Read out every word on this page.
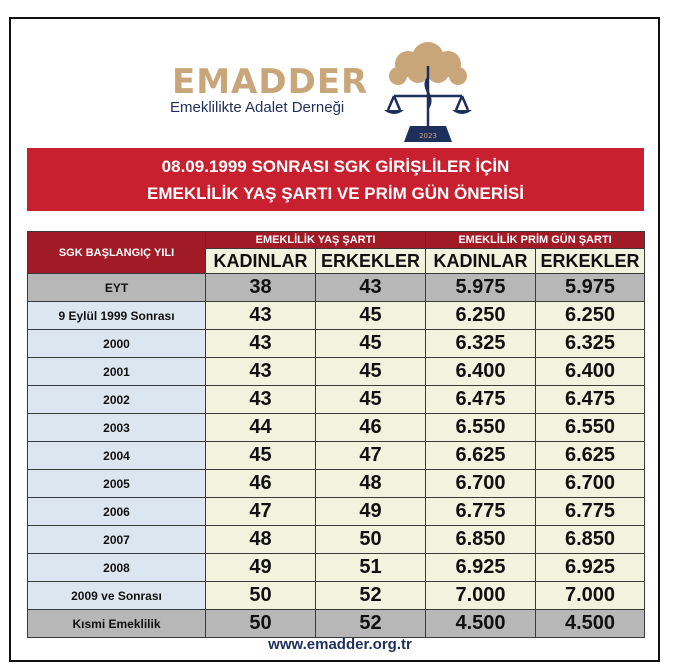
EMADDER
Emeklilikte Adalet Derneği
2023
08.09.1999 SONRASI SGK GİRİŞLİLER İÇİN
EMEKLİLİK YAŞ ŞARTI VE PRİM GÜN ÖNERİSİ
SGK BAŞLANGIÇ YILI	EMEKLİLİK YAŞ ŞARTI		EMEKLİLİK PRİM GÜN ŞARTI	
	KADINLAR	ERKEKLER	KADINLAR	ERKEKLER
EYT	38	43	5.975	5.975
9 Eylül 1999 Sonrası	43	45	6.250	6.250
2000	43	45	6.325	6.325
2001	43	45	6.400	6.400
2002	43	45	6.475	6.475
2003	44	46	6.550	6.550
2004	45	47	6.625	6.625
2005	46	48	6.700	6.700
2006	47	49	6.775	6.775
2007	48	50	6.850	6.850
2008	49	51	6.925	6.925
2009 ve Sonrası	50	52	7.000	7.000
Kısmi Emeklilik	50	52	4.500	4.500
www.emadder.org.tr
